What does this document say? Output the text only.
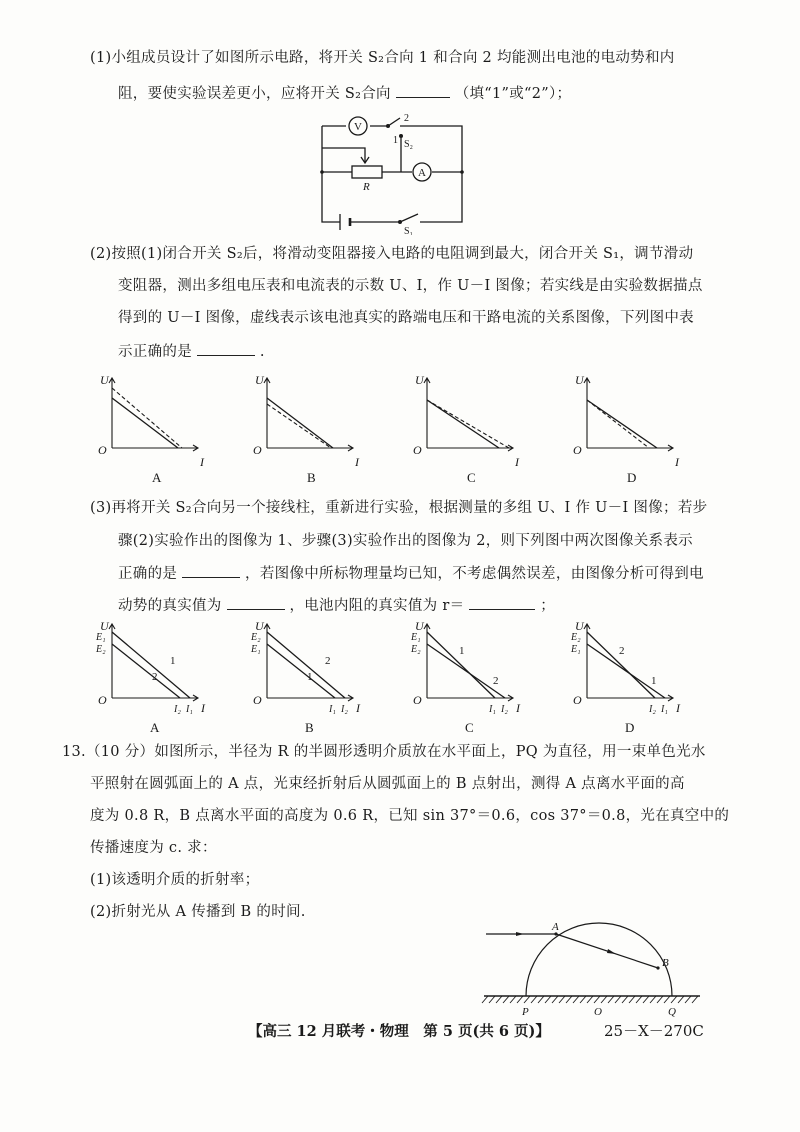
(1)小组成员设计了如图所示电路，将开关 S₂合向 1 和合向 2 均能测出电池的电动势和内
阻，要使实验误差更小，应将开关 S₂合向	（填“1”或“2”）；
V
A
R
S₂
1
2
S₁
(2)按照(1)闭合开关 S₂后，将滑动变阻器接入电路的电阻调到最大，闭合开关 S₁，调节滑动
变阻器，测出多组电压表和电流表的示数 U、I，作 U－I 图像；若实线是由实验数据描点
得到的 U－I 图像，虚线表示该电池真实的路端电压和干路电流的关系图像，下列图中表
示正确的是	.
U
I
O
A
U
I
O
B
U
I
O
C
U
I
O
D
(3)再将开关 S₂合向另一个接线柱，重新进行实验，根据测量的多组 U、I 作 U－I 图像；若步
骤(2)实验作出的图像为 1、步骤(3)实验作出的图像为 2，则下列图中两次图像关系表示
正确的是	，若图像中所标物理量均已知，不考虑偶然误差，由图像分析可得到电
动势的真实值为	，电池内阻的真实值为 r＝	；
U
E₁
E₂
O
1
2
I₂ I₁ I
A
U
E₂
E₁
O
1
2
I₁ I₂ I
B
U
E₁
E₂
O
1
2
I₁ I₂ I
C
U
E₂
E₁
O
1
2
I₂ I₁ I
D
13.（10 分）如图所示，半径为 R 的半圆形透明介质放在水平面上，PQ 为直径，用一束单色光水
平照射在圆弧面上的 A 点，光束经折射后从圆弧面上的 B 点射出，测得 A 点离水平面的高
度为 0.8 R，B 点离水平面的高度为 0.6 R，已知 sin 37°＝0.6，cos 37°＝0.8，光在真空中的
传播速度为 c. 求：
(1)该透明介质的折射率；
(2)折射光从 A 传播到 B 的时间.
A
B
P	O	Q
【高三 12 月联考・物理　第 5 页(共 6 页)】	25－X－270C
